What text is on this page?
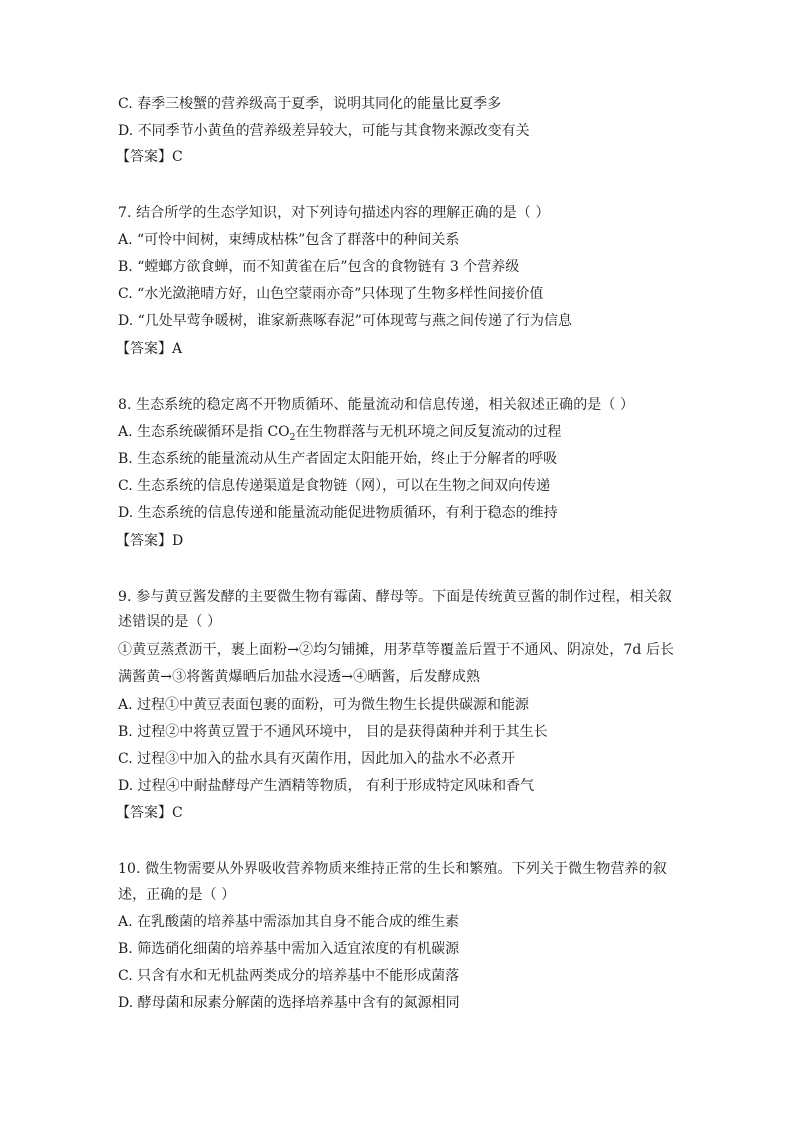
C. 春季三梭蟹的营养级高于夏季，说明其同化的能量比夏季多
D. 不同季节小黄鱼的营养级差异较大，可能与其食物来源改变有关
【答案】C
7. 结合所学的生态学知识，对下列诗句描述内容的理解正确的是（ ）
A. “可怜中间树，束缚成枯株”包含了群落中的种间关系
B. “螳螂方欲食蝉，而不知黄雀在后”包含的食物链有 3 个营养级
C. “水光潋滟晴方好，山色空蒙雨亦奇”只体现了生物多样性间接价值
D. “几处早莺争暖树，谁家新燕啄春泥”可体现莺与燕之间传递了行为信息
【答案】A
8. 生态系统的稳定离不开物质循环、能量流动和信息传递，相关叙述正确的是（ ）
A. 生态系统碳循环是指 $CO_2$在生物群落与无机环境之间反复流动的过程
B. 生态系统的能量流动从生产者固定太阳能开始，终止于分解者的呼吸
C. 生态系统的信息传递渠道是食物链（网），可以在生物之间双向传递
D. 生态系统的信息传递和能量流动能促进物质循环，有利于稳态的维持
【答案】D
9. 参与黄豆酱发酵的主要微生物有霉菌、酵母等。下面是传统黄豆酱的制作过程，相关叙
述错误的是（ ）
①黄豆蒸煮沥干，裹上面粉→②均匀铺摊，用茅草等覆盖后置于不通风、阴凉处，7d 后长
满酱黄→③将酱黄爆晒后加盐水浸透→④晒酱，后发酵成熟
A. 过程①中黄豆表面包裹的面粉，可为微生物生长提供碳源和能源
B. 过程②中将黄豆置于不通风环境中， 目的是获得菌种并利于其生长
C. 过程③中加入的盐水具有灭菌作用，因此加入的盐水不必煮开
D. 过程④中耐盐酵母产生酒精等物质， 有利于形成特定风味和香气
【答案】C
10. 微生物需要从外界吸收营养物质来维持正常的生长和繁殖。下列关于微生物营养的叙
述，正确的是（ ）
A. 在乳酸菌的培养基中需添加其自身不能合成的维生素
B. 筛选硝化细菌的培养基中需加入适宜浓度的有机碳源
C. 只含有水和无机盐两类成分的培养基中不能形成菌落
D. 酵母菌和尿素分解菌的选择培养基中含有的氮源相同
